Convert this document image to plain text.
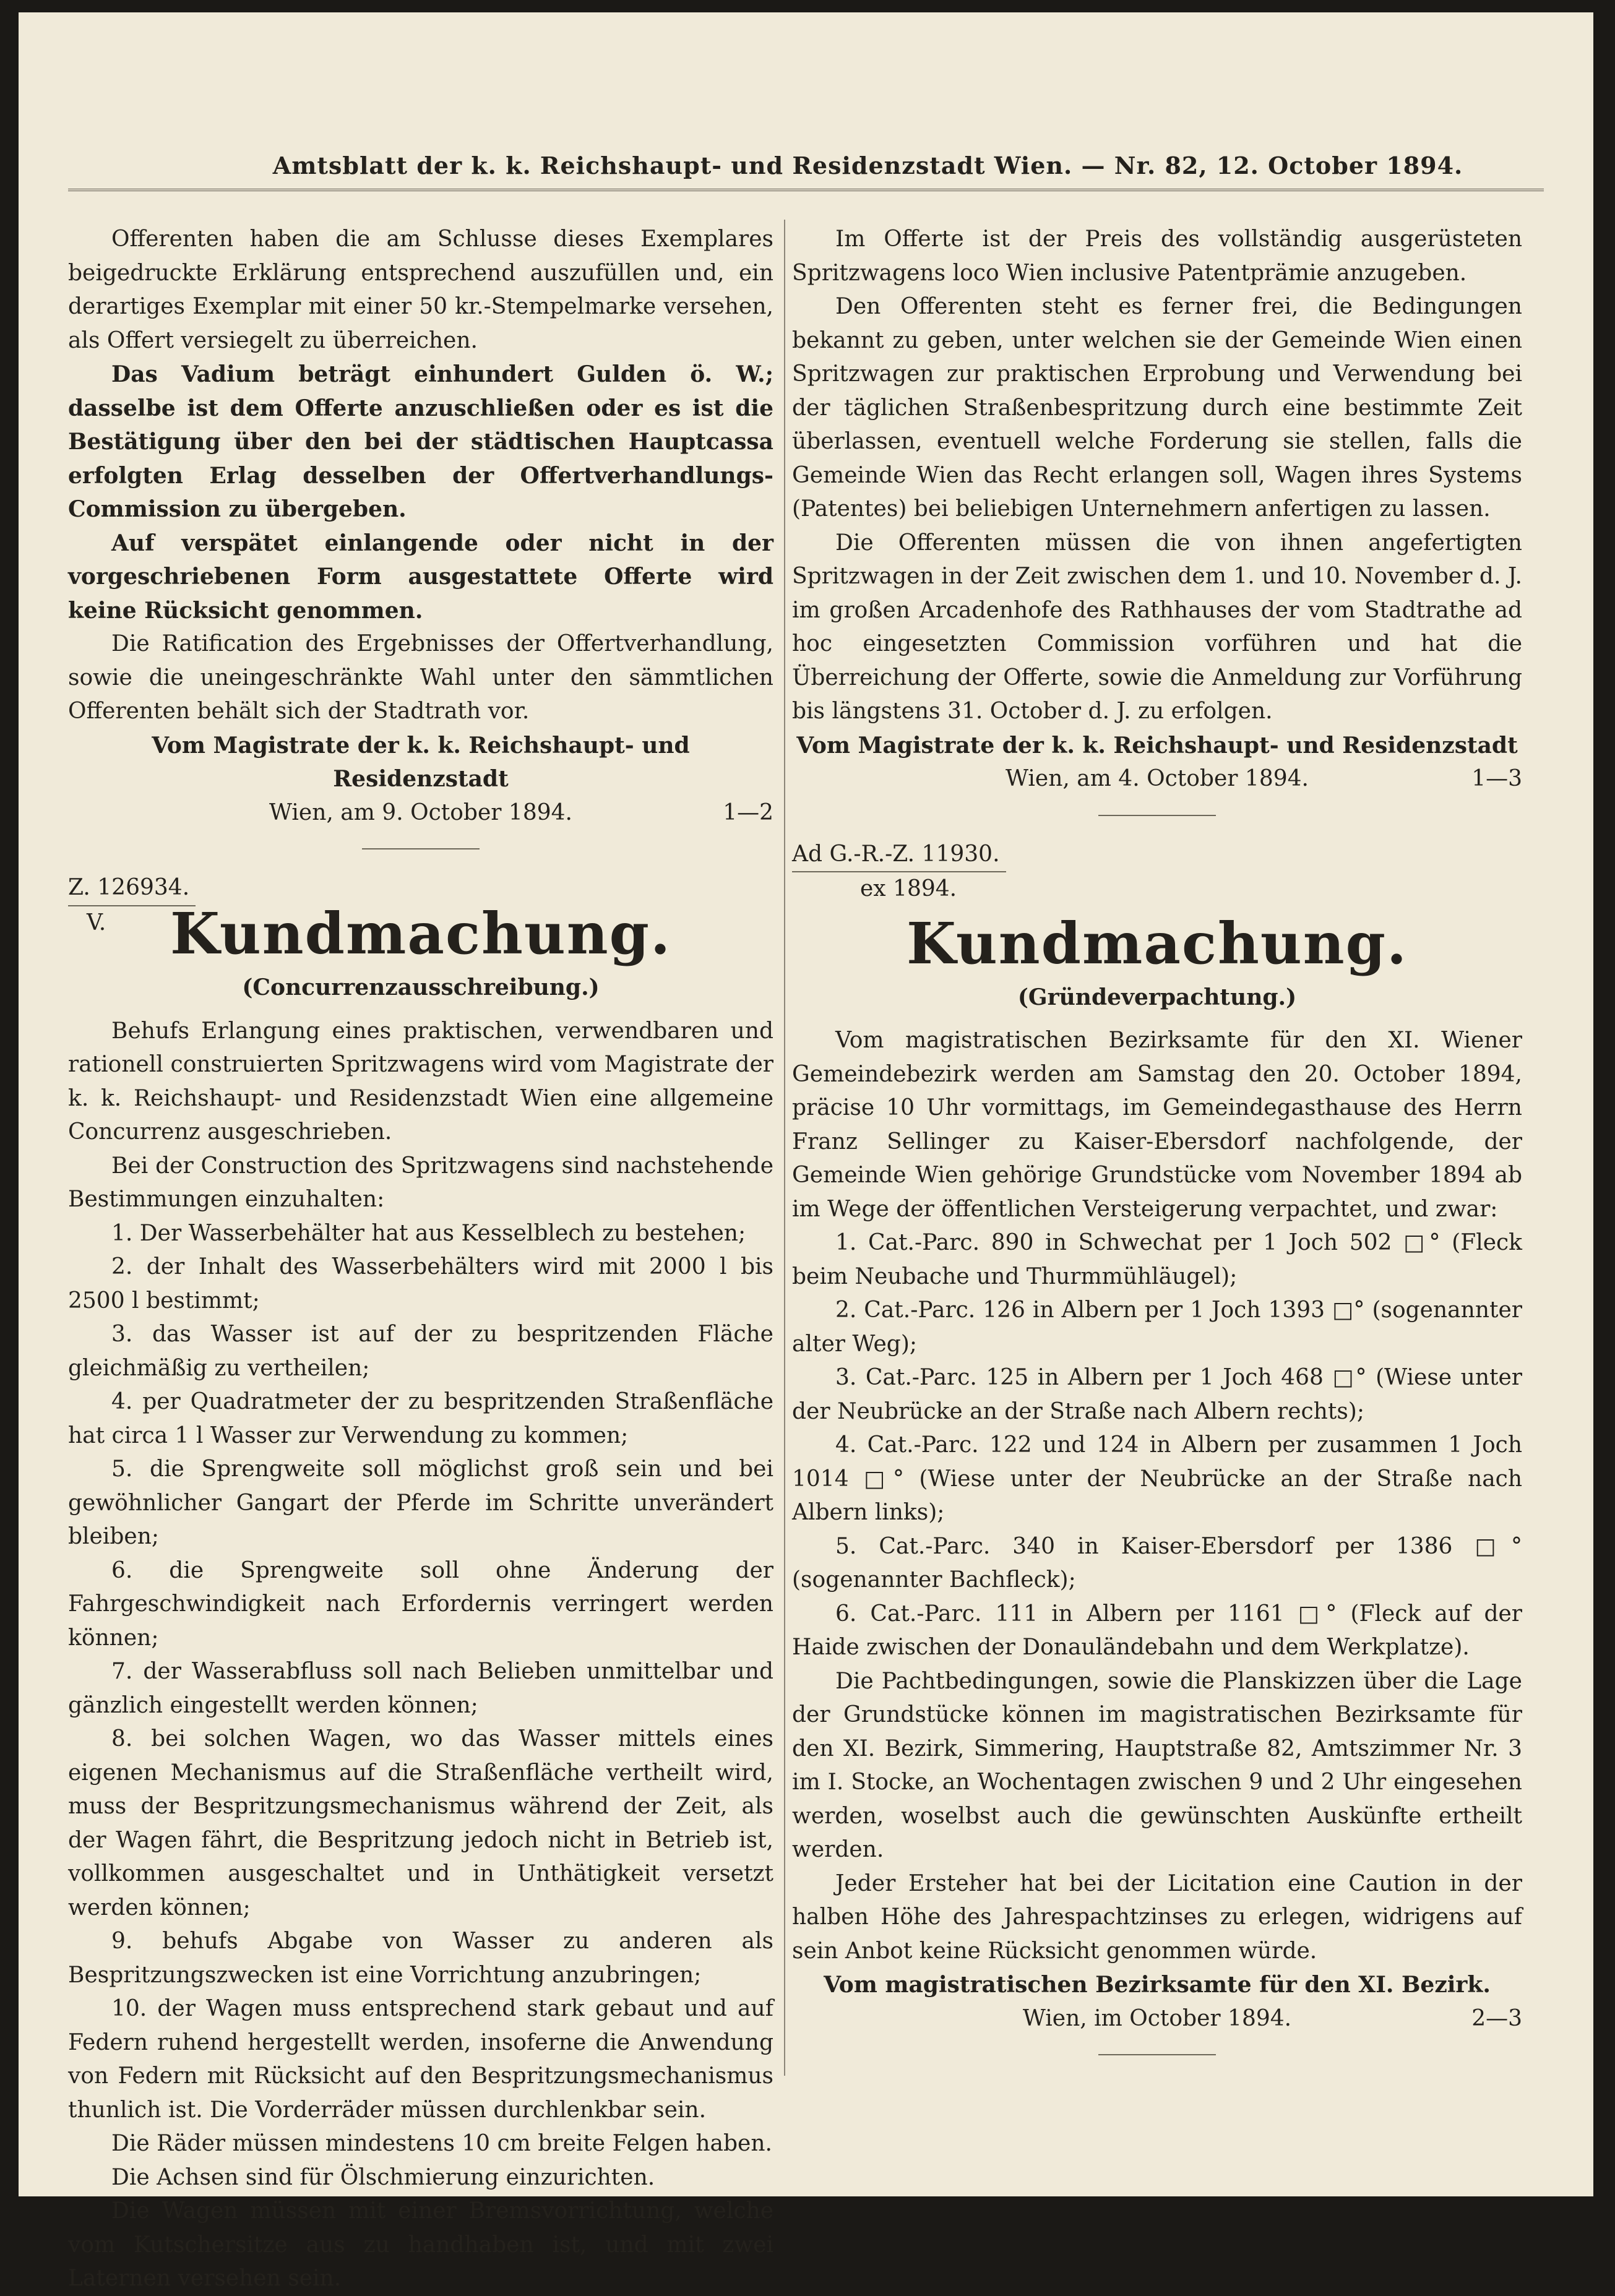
Amtsblatt der k. k. Reichshaupt- und Residenzstadt Wien. — Nr. 82, 12. October 1894.

Offerenten haben die am Schlusse dieses Exemplares beigedruckte Erklärung entsprechend auszufüllen und, ein derartiges Exemplar mit einer 50 kr.-Stempelmarke versehen, als Offert versiegelt zu überreichen.

Das Vadium beträgt einhundert Gulden ö. W.; dasselbe ist dem Offerte anzuschließen oder es ist die Bestätigung über den bei der städtischen Hauptcassa erfolgten Erlag desselben der Offertverhandlungs-Commission zu übergeben.

Auf verspätet einlangende oder nicht in der vorgeschriebenen Form ausgestattete Offerte wird keine Rücksicht genommen.

Die Ratification des Ergebnisses der Offertverhandlung, sowie die uneingeschränkte Wahl unter den sämmtlichen Offerenten behält sich der Stadtrath vor.

Vom Magistrate der k. k. Reichshaupt- und Residenzstadt

Wien, am 9. October 1894.	1—2

Z. 126934.
V.	Kundmachung.
(Concurrenzausschreibung.)

Behufs Erlangung eines praktischen, verwendbaren und rationell construierten Spritzwagens wird vom Magistrate der k. k. Reichshaupt- und Residenzstadt Wien eine allgemeine Concurrenz ausgeschrieben.

Bei der Construction des Spritzwagens sind nachstehende Bestimmungen einzuhalten:

1. Der Wasserbehälter hat aus Kesselblech zu bestehen;

2. der Inhalt des Wasserbehälters wird mit 2000 l bis 2500 l bestimmt;

3. das Wasser ist auf der zu bespritzenden Fläche gleichmäßig zu vertheilen;

4. per Quadratmeter der zu bespritzenden Straßenfläche hat circa 1 l Wasser zur Verwendung zu kommen;

5. die Sprengweite soll möglichst groß sein und bei gewöhnlicher Gangart der Pferde im Schritte unverändert bleiben;

6. die Sprengweite soll ohne Änderung der Fahrgeschwindigkeit nach Erfordernis verringert werden können;

7. der Wasserabfluss soll nach Belieben unmittelbar und gänzlich eingestellt werden können;

8. bei solchen Wagen, wo das Wasser mittels eines eigenen Mechanismus auf die Straßenfläche vertheilt wird, muss der Bespritzungsmechanismus während der Zeit, als der Wagen fährt, die Bespritzung jedoch nicht in Betrieb ist, vollkommen ausgeschaltet und in Unthätigkeit versetzt werden können;

9. behufs Abgabe von Wasser zu anderen als Bespritzungszwecken ist eine Vorrichtung anzubringen;

10. der Wagen muss entsprechend stark gebaut und auf Federn ruhend hergestellt werden, insoferne die Anwendung von Federn mit Rücksicht auf den Bespritzungsmechanismus thunlich ist. Die Vorderräder müssen durchlenkbar sein.

Die Räder müssen mindestens 10 cm breite Felgen haben.

Die Achsen sind für Ölschmierung einzurichten.

Die Wagen müssen mit einer Bremsvorrichtung, welche vom Kutschersitze aus zu handhaben ist, und mit zwei Laternen versehen sein.

Im Offerte ist der Preis des vollständig ausgerüsteten Spritzwagens loco Wien inclusive Patentprämie anzugeben.

Den Offerenten steht es ferner frei, die Bedingungen bekannt zu geben, unter welchen sie der Gemeinde Wien einen Spritzwagen zur praktischen Erprobung und Verwendung bei der täglichen Straßenbespritzung durch eine bestimmte Zeit überlassen, eventuell welche Forderung sie stellen, falls die Gemeinde Wien das Recht erlangen soll, Wagen ihres Systems (Patentes) bei beliebigen Unternehmern anfertigen zu lassen.

Die Offerenten müssen die von ihnen angefertigten Spritzwagen in der Zeit zwischen dem 1. und 10. November d. J. im großen Arcadenhofe des Rathhauses der vom Stadtrathe ad hoc eingesetzten Commission vorführen und hat die Überreichung der Offerte, sowie die Anmeldung zur Vorführung bis längstens 31. October d. J. zu erfolgen.

Vom Magistrate der k. k. Reichshaupt- und Residenzstadt

Wien, am 4. October 1894.	1—3

Ad G.-R.-Z. 11930.
ex 1894.
Kundmachung.
(Gründeverpachtung.)

Vom magistratischen Bezirksamte für den XI. Wiener Gemeindebezirk werden am Samstag den 20. October 1894, präcise 10 Uhr vormittags, im Gemeindegasthause des Herrn Franz Sellinger zu Kaiser-Ebersdorf nachfolgende, der Gemeinde Wien gehörige Grundstücke vom November 1894 ab im Wege der öffentlichen Versteigerung verpachtet, und zwar:

1. Cat.-Parc. 890 in Schwechat per 1 Joch 502 □° (Fleck beim Neubache und Thurmmühläugel);

2. Cat.-Parc. 126 in Albern per 1 Joch 1393 □° (sogenannter alter Weg);

3. Cat.-Parc. 125 in Albern per 1 Joch 468 □° (Wiese unter der Neubrücke an der Straße nach Albern rechts);

4. Cat.-Parc. 122 und 124 in Albern per zusammen 1 Joch 1014 □° (Wiese unter der Neubrücke an der Straße nach Albern links);

5. Cat.-Parc. 340 in Kaiser-Ebersdorf per 1386 □° (sogenannter Bachfleck);

6. Cat.-Parc. 111 in Albern per 1161 □° (Fleck auf der Haide zwischen der Donauländebahn und dem Werkplatze).

Die Pachtbedingungen, sowie die Planskizzen über die Lage der Grundstücke können im magistratischen Bezirksamte für den XI. Bezirk, Simmering, Hauptstraße 82, Amtszimmer Nr. 3 im I. Stocke, an Wochentagen zwischen 9 und 2 Uhr eingesehen werden, woselbst auch die gewünschten Auskünfte ertheilt werden.

Jeder Ersteher hat bei der Licitation eine Caution in der halben Höhe des Jahrespachtzinses zu erlegen, widrigens auf sein Anbot keine Rücksicht genommen würde.

Vom magistratischen Bezirksamte für den XI. Bezirk.

Wien, im October 1894.	2—3
